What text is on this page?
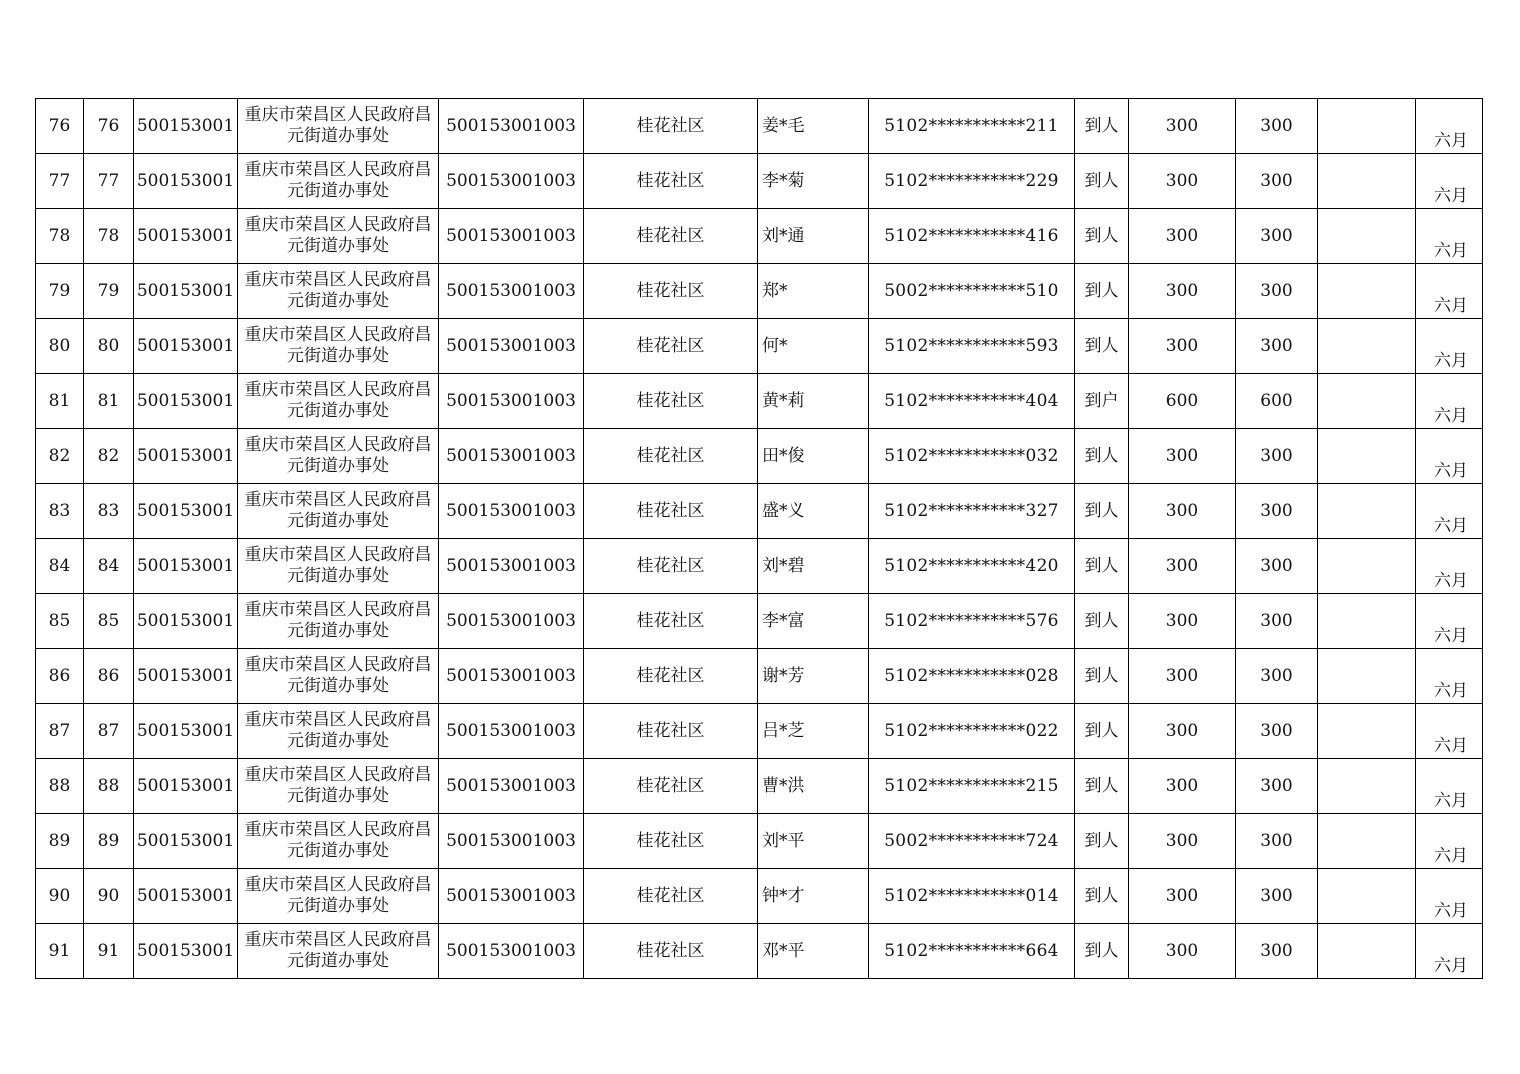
76	76	500153001	重庆市荣昌区人民政府昌元街道办事处	500153001003	桂花社区	姜*毛	5102***********211	到人	300	300		六月
77	77	500153001	重庆市荣昌区人民政府昌元街道办事处	500153001003	桂花社区	李*菊	5102***********229	到人	300	300		六月
78	78	500153001	重庆市荣昌区人民政府昌元街道办事处	500153001003	桂花社区	刘*通	5102***********416	到人	300	300		六月
79	79	500153001	重庆市荣昌区人民政府昌元街道办事处	500153001003	桂花社区	郑*	5002***********510	到人	300	300		六月
80	80	500153001	重庆市荣昌区人民政府昌元街道办事处	500153001003	桂花社区	何*	5102***********593	到人	300	300		六月
81	81	500153001	重庆市荣昌区人民政府昌元街道办事处	500153001003	桂花社区	黄*莉	5102***********404	到户	600	600		六月
82	82	500153001	重庆市荣昌区人民政府昌元街道办事处	500153001003	桂花社区	田*俊	5102***********032	到人	300	300		六月
83	83	500153001	重庆市荣昌区人民政府昌元街道办事处	500153001003	桂花社区	盛*义	5102***********327	到人	300	300		六月
84	84	500153001	重庆市荣昌区人民政府昌元街道办事处	500153001003	桂花社区	刘*碧	5102***********420	到人	300	300		六月
85	85	500153001	重庆市荣昌区人民政府昌元街道办事处	500153001003	桂花社区	李*富	5102***********576	到人	300	300		六月
86	86	500153001	重庆市荣昌区人民政府昌元街道办事处	500153001003	桂花社区	谢*芳	5102***********028	到人	300	300		六月
87	87	500153001	重庆市荣昌区人民政府昌元街道办事处	500153001003	桂花社区	吕*芝	5102***********022	到人	300	300		六月
88	88	500153001	重庆市荣昌区人民政府昌元街道办事处	500153001003	桂花社区	曹*洪	5102***********215	到人	300	300		六月
89	89	500153001	重庆市荣昌区人民政府昌元街道办事处	500153001003	桂花社区	刘*平	5002***********724	到人	300	300		六月
90	90	500153001	重庆市荣昌区人民政府昌元街道办事处	500153001003	桂花社区	钟*才	5102***********014	到人	300	300		六月
91	91	500153001	重庆市荣昌区人民政府昌元街道办事处	500153001003	桂花社区	邓*平	5102***********664	到人	300	300		六月
